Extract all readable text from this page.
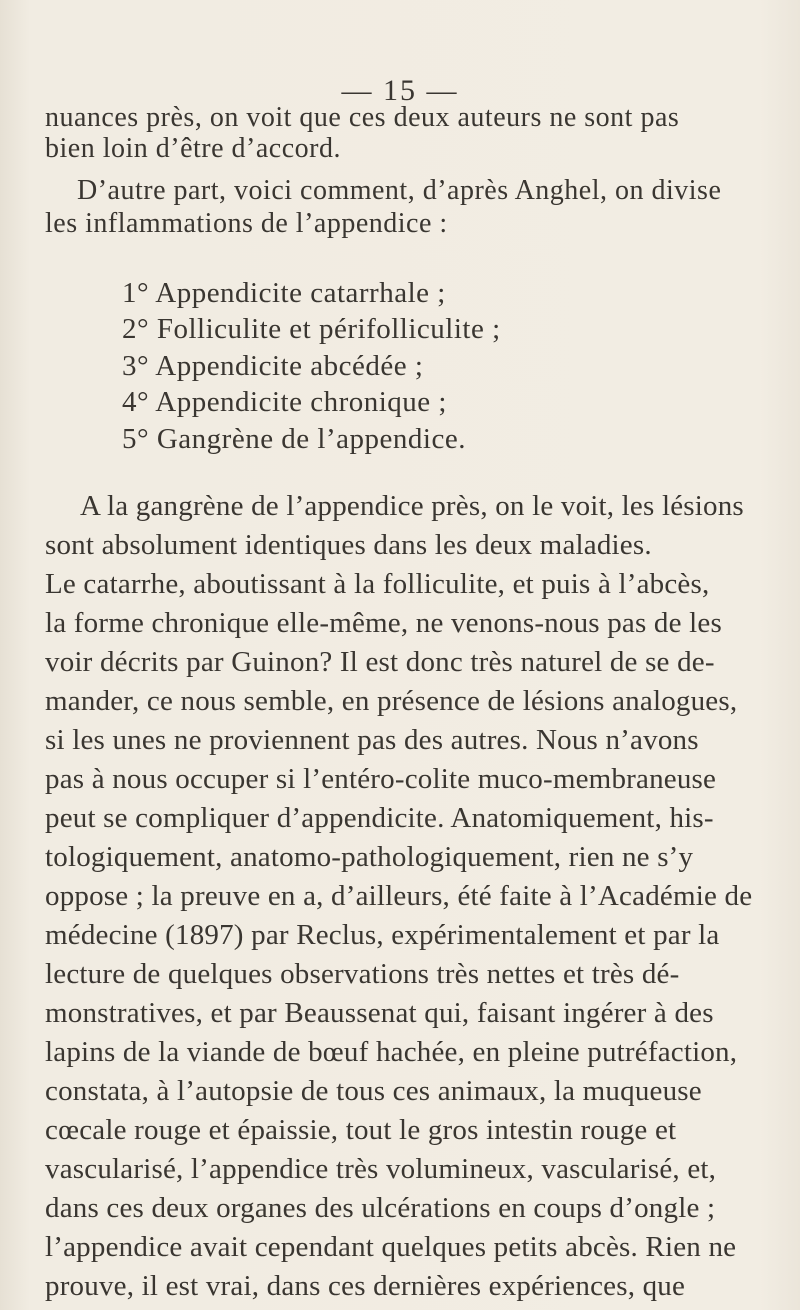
— 15 —
nuances près, on voit que ces deux auteurs ne sont pas
bien loin d’être d’accord.
D’autre part, voici comment, d’après Anghel, on divise
les inflammations de l’appendice :
1° Appendicite catarrhale ;
2° Folliculite et périfolliculite ;
3° Appendicite abcédée ;
4° Appendicite chronique ;
5° Gangrène de l’appendice.
A la gangrène de l’appendice près, on le voit, les lésions
sont absolument identiques dans les deux maladies.
Le catarrhe, aboutissant à la folliculite, et puis à l’abcès,
la forme chronique elle-même, ne venons-nous pas de les
voir décrits par Guinon? Il est donc très naturel de se de-
mander, ce nous semble, en présence de lésions analogues,
si les unes ne proviennent pas des autres. Nous n’avons
pas à nous occuper si l’entéro-colite muco-membraneuse
peut se compliquer d’appendicite. Anatomiquement, his-
tologiquement, anatomo-pathologiquement, rien ne s’y
oppose ; la preuve en a, d’ailleurs, été faite à l’Académie de
médecine (1897) par Reclus, expérimentalement et par la
lecture de quelques observations très nettes et très dé-
monstratives, et par Beaussenat qui, faisant ingérer à des
lapins de la viande de bœuf hachée, en pleine putréfaction,
constata, à l’autopsie de tous ces animaux, la muqueuse
cœcale rouge et épaissie, tout le gros intestin rouge et
vascularisé, l’appendice très volumineux, vascularisé, et,
dans ces deux organes des ulcérations en coups d’ongle ;
l’appendice avait cependant quelques petits abcès. Rien ne
prouve, il est vrai, dans ces dernières expériences, que
